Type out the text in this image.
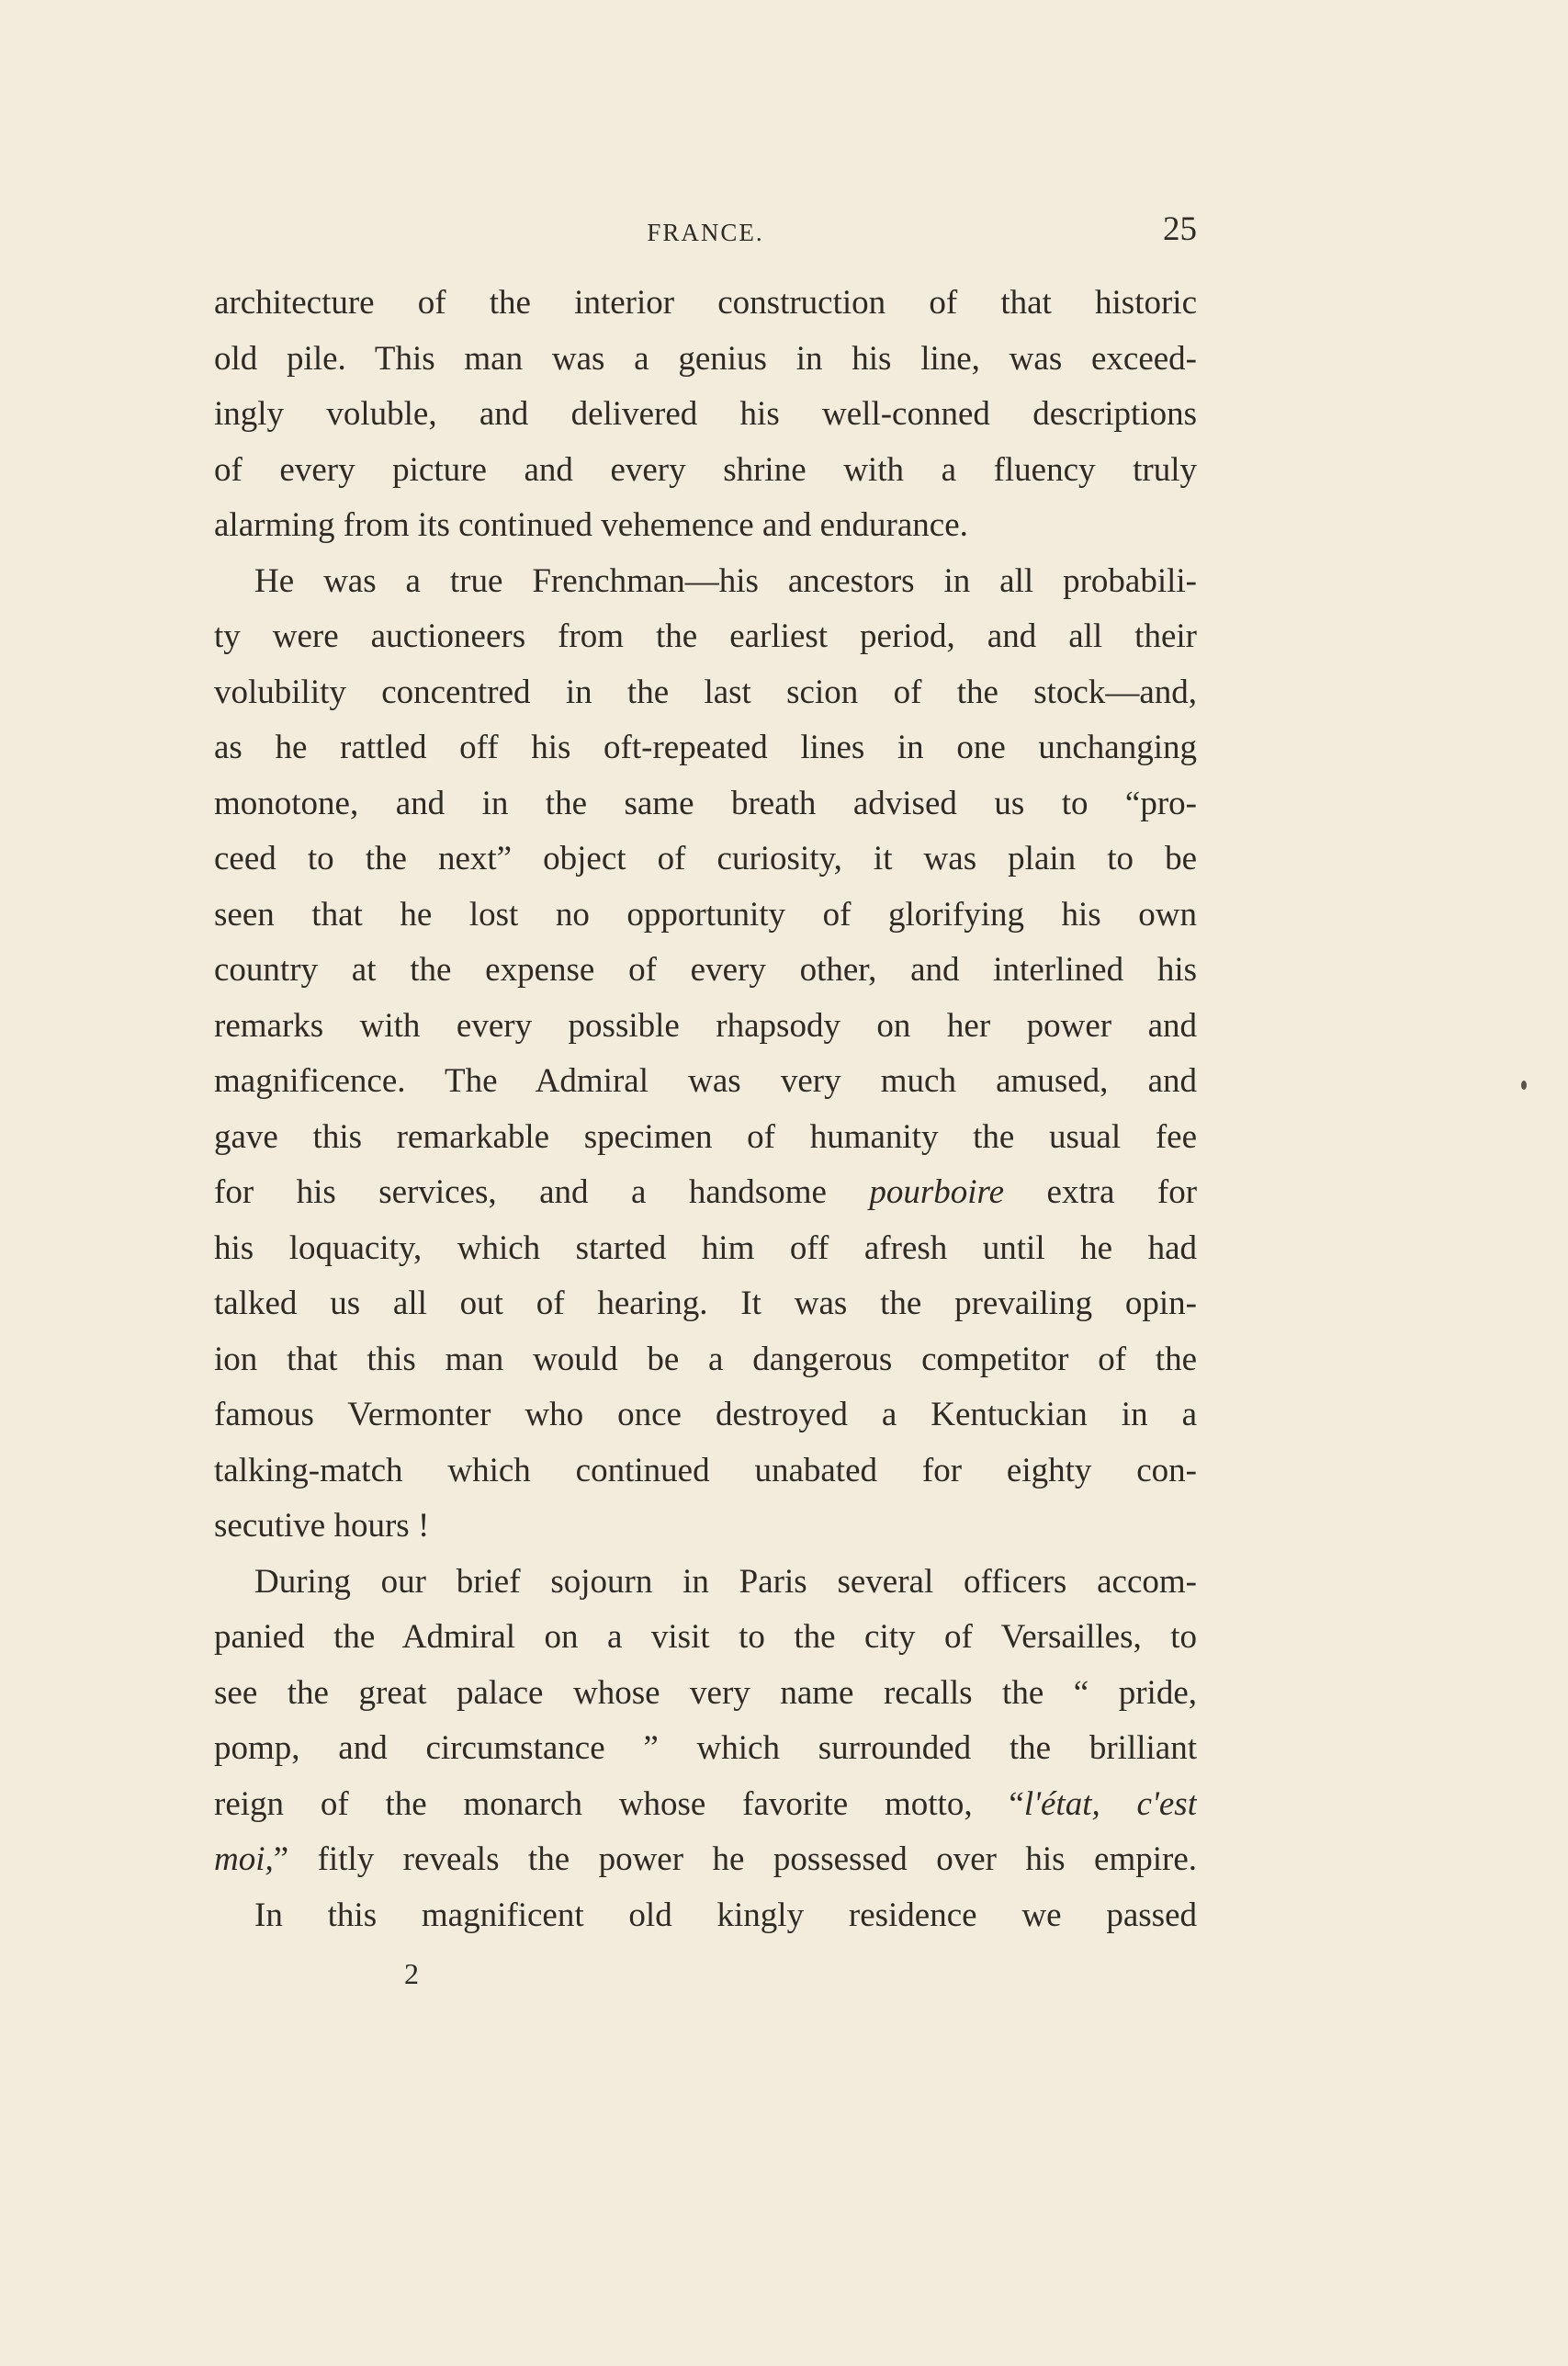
FRANCE.	25
architecture of the interior construction of that historic
old pile. This man was a genius in his line, was exceed-
ingly voluble, and delivered his well-conned descriptions
of every picture and every shrine with a fluency truly
alarming from its continued vehemence and endurance.
He was a true Frenchman—his ancestors in all probabili-
ty were auctioneers from the earliest period, and all their
volubility concentred in the last scion of the stock—and,
as he rattled off his oft-repeated lines in one unchanging
monotone, and in the same breath advised us to “pro-
ceed to the next” object of curiosity, it was plain to be
seen that he lost no opportunity of glorifying his own
country at the expense of every other, and interlined his
remarks with every possible rhapsody on her power and
magnificence. The Admiral was very much amused, and
gave this remarkable specimen of humanity the usual fee
for his services, and a handsome pourboire extra for
his loquacity, which started him off afresh until he had
talked us all out of hearing. It was the prevailing opin-
ion that this man would be a dangerous competitor of the
famous Vermonter who once destroyed a Kentuckian in a
talking-match which continued unabated for eighty con-
secutive hours !
During our brief sojourn in Paris several officers accom-
panied the Admiral on a visit to the city of Versailles, to
see the great palace whose very name recalls the “ pride,
pomp, and circumstance ” which surrounded the brilliant
reign of the monarch whose favorite motto, “l'état, c'est
moi,” fitly reveals the power he possessed over his empire.
In this magnificent old kingly residence we passed
2
